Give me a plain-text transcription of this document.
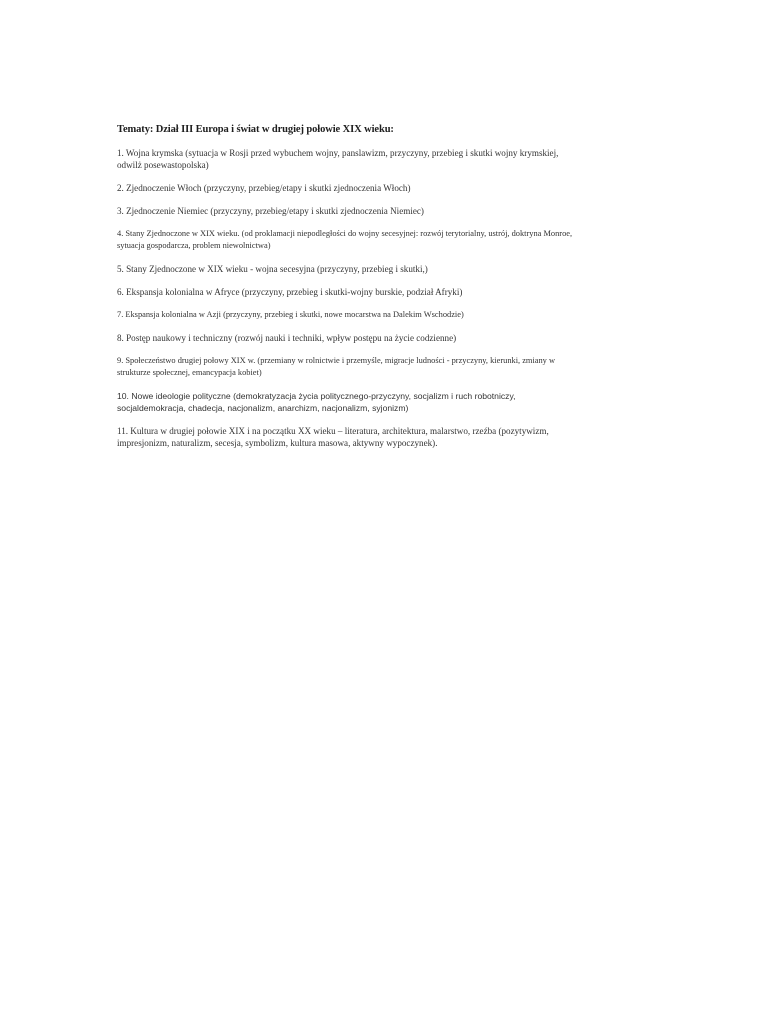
Tematy: Dział III Europa i świat w drugiej połowie XIX wieku:
1. Wojna krymska (sytuacja w Rosji przed wybuchem wojny, panslawizm, przyczyny, przebieg i skutki wojny krymskiej, odwilż posewastopolska)
2. Zjednoczenie Włoch (przyczyny, przebieg/etapy i skutki zjednoczenia Włoch)
3. Zjednoczenie Niemiec (przyczyny, przebieg/etapy i skutki zjednoczenia Niemiec)
4. Stany Zjednoczone w XIX wieku. (od proklamacji niepodległości do wojny secesyjnej: rozwój terytorialny, ustrój, doktryna Monroe, sytuacja gospodarcza, problem niewolnictwa)
5. Stany Zjednoczone w XIX wieku - wojna secesyjna (przyczyny, przebieg i skutki,)
6. Ekspansja kolonialna w Afryce (przyczyny, przebieg i skutki-wojny burskie, podział Afryki)
7. Ekspansja kolonialna w Azji (przyczyny, przebieg i skutki, nowe mocarstwa na Dalekim Wschodzie)
8. Postęp naukowy i techniczny (rozwój nauki i techniki, wpływ postępu na życie codzienne)
9. Społeczeństwo drugiej połowy XIX w. (przemiany w rolnictwie i przemyśle, migracje ludności - przyczyny, kierunki, zmiany w strukturze społecznej, emancypacja kobiet)
10. Nowe ideologie polityczne (demokratyzacja życia politycznego-przyczyny, socjalizm i ruch robotniczy, socjaldemokracja, chadecja, nacjonalizm, anarchizm, nacjonalizm, syjonizm)
11. Kultura w drugiej połowie XIX i na początku XX wieku – literatura, architektura, malarstwo, rzeźba (pozytywizm, impresjonizm, naturalizm, secesja, symbolizm, kultura masowa, aktywny wypoczynek).
